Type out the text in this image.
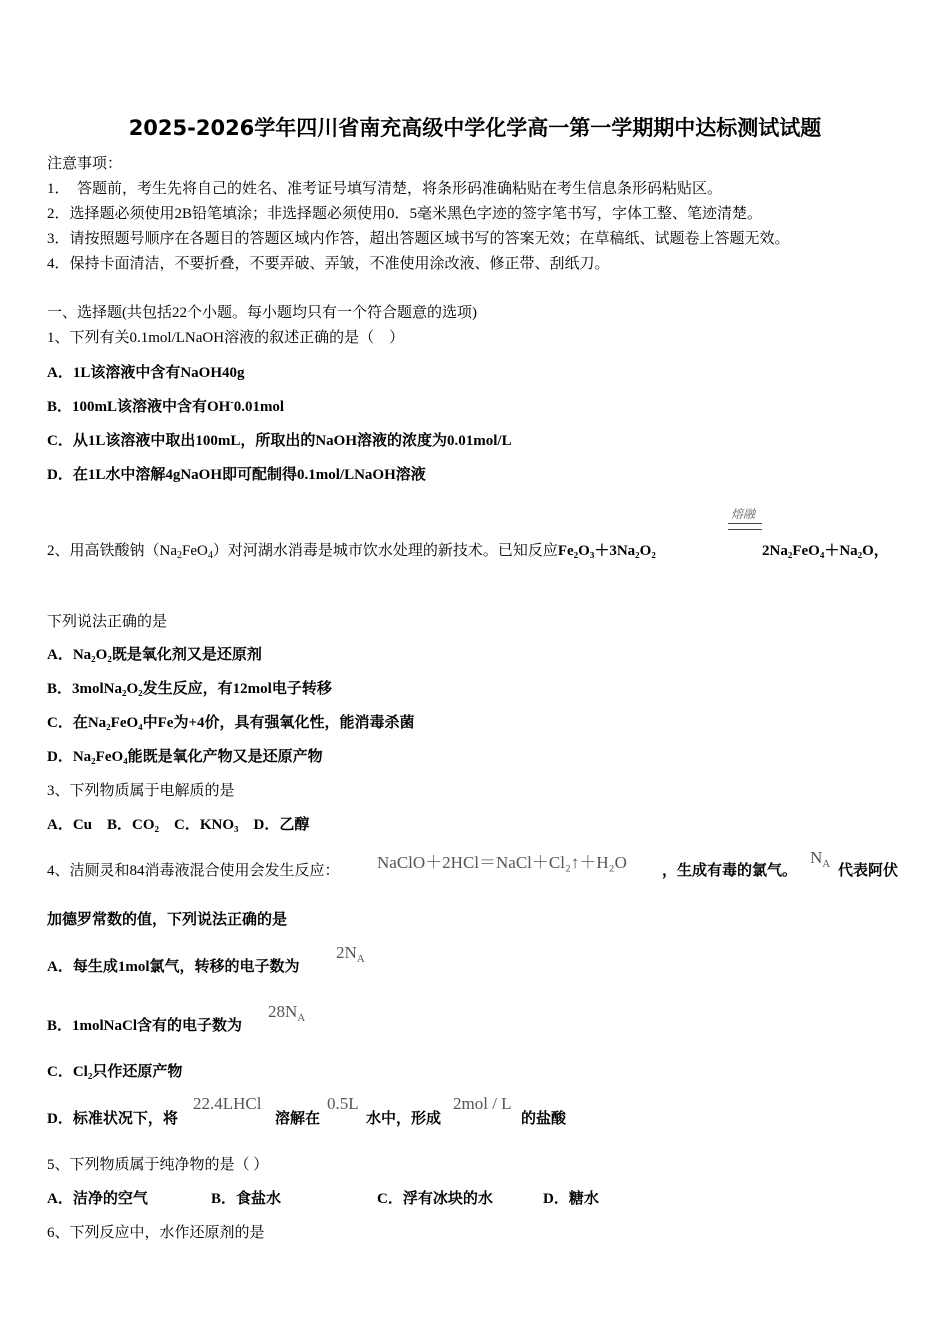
2025-2026学年四川省南充高级中学化学高一第一学期期中达标测试试题
注意事项：
1．　答题前，考生先将自己的姓名、准考证号填写清楚，将条形码准确粘贴在考生信息条形码粘贴区。
2．选择题必须使用2B铅笔填涂；非选择题必须使用0．5毫米黑色字迹的签字笔书写，字体工整、笔迹清楚。
3．请按照题号顺序在各题目的答题区域内作答，超出答题区域书写的答案无效；在草稿纸、试题卷上答题无效。
4．保持卡面清洁，不要折叠，不要弄破、弄皱，不准使用涂改液、修正带、刮纸刀。
一、选择题(共包括22个小题。每小题均只有一个符合题意的选项)
1、下列有关0.1mol/LNaOH溶液的叙述正确的是（　）
A．1L该溶液中含有NaOH40g
B．100mL该溶液中含有OH-0.01mol
C．从1L该溶液中取出100mL，所取出的NaOH溶液的浓度为0.01mol/L
D．在1L水中溶解4gNaOH即可配制得0.1mol/LNaOH溶液
熔融
2、用高铁酸钠$(Na_2FeO_4)$对河湖水消毒是城市饮水处理的新技术。已知反应Fe₂O₃＋3Na₂O₂	2Na₂FeO₄＋Na₂O，
下列说法正确的是
A．Na₂O₂既是氧化剂又是还原剂
B．3molNa₂O₂发生反应，有12mol电子转移
C．在Na₂FeO₄中Fe为+4价，具有强氧化性，能消毒杀菌
D．Na₂FeO₄能既是氧化产物又是还原产物
3、下列物质属于电解质的是
A．Cu　B．CO₂　C．KNO₃　D．乙醇
4、洁厕灵和84消毒液混合使用会发生反应： NaClO＋2HCl＝NaCl＋Cl₂↑＋H₂O ，生成有毒的氯气。
$N_A$ 代表阿伏
加德罗常数的值，下列说法正确的是
A．每生成1mol氯气，转移的电子数为
$2N_A$
B．1molNaCl含有的电子数为
$28N_A$
C．Cl₂只作还原产物
D．标准状况下，将
22.4LHCl
溶解在
0.5L
水中，形成
2mol / L
的盐酸
5、下列物质属于纯净物的是（ ）
A．洁净的空气	B．食盐水	C．浮有冰块的水	D．糖水
6、下列反应中，水作还原剂的是
